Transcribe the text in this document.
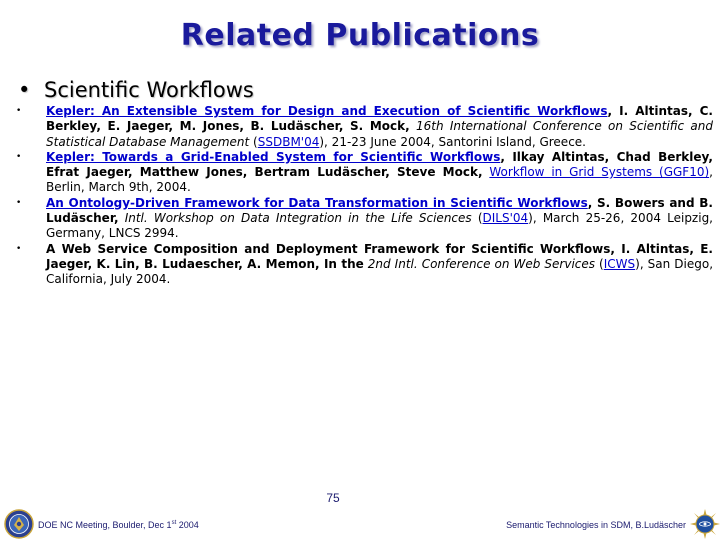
Related Publications
• Scientific Workflows
• Kepler: An Extensible System for Design and Execution of Scientific Workflows, I. Altintas, C. Berkley, E. Jaeger, M. Jones, B. Ludäscher, S. Mock, 16th International Conference on Scientific and Statistical Database Management (SSDBM'04), 21-23 June 2004, Santorini Island, Greece.
• Kepler: Towards a Grid-Enabled System for Scientific Workflows, Ilkay Altintas, Chad Berkley, Efrat Jaeger, Matthew Jones, Bertram Ludäscher, Steve Mock, Workflow in Grid Systems (GGF10), Berlin, March 9th, 2004.
• An Ontology-Driven Framework for Data Transformation in Scientific Workflows, S. Bowers and B. Ludäscher, Intl. Workshop on Data Integration in the Life Sciences (DILS'04), March 25-26, 2004 Leipzig, Germany, LNCS 2994.
• A Web Service Composition and Deployment Framework for Scientific Workflows, I. Altintas, E. Jaeger, K. Lin, B. Ludaescher, A. Memon, In the 2nd Intl. Conference on Web Services (ICWS), San Diego, California, July 2004.
DOE NC Meeting, Boulder, Dec 1st 2004
75
Semantic Technologies in SDM, B.Ludäscher
